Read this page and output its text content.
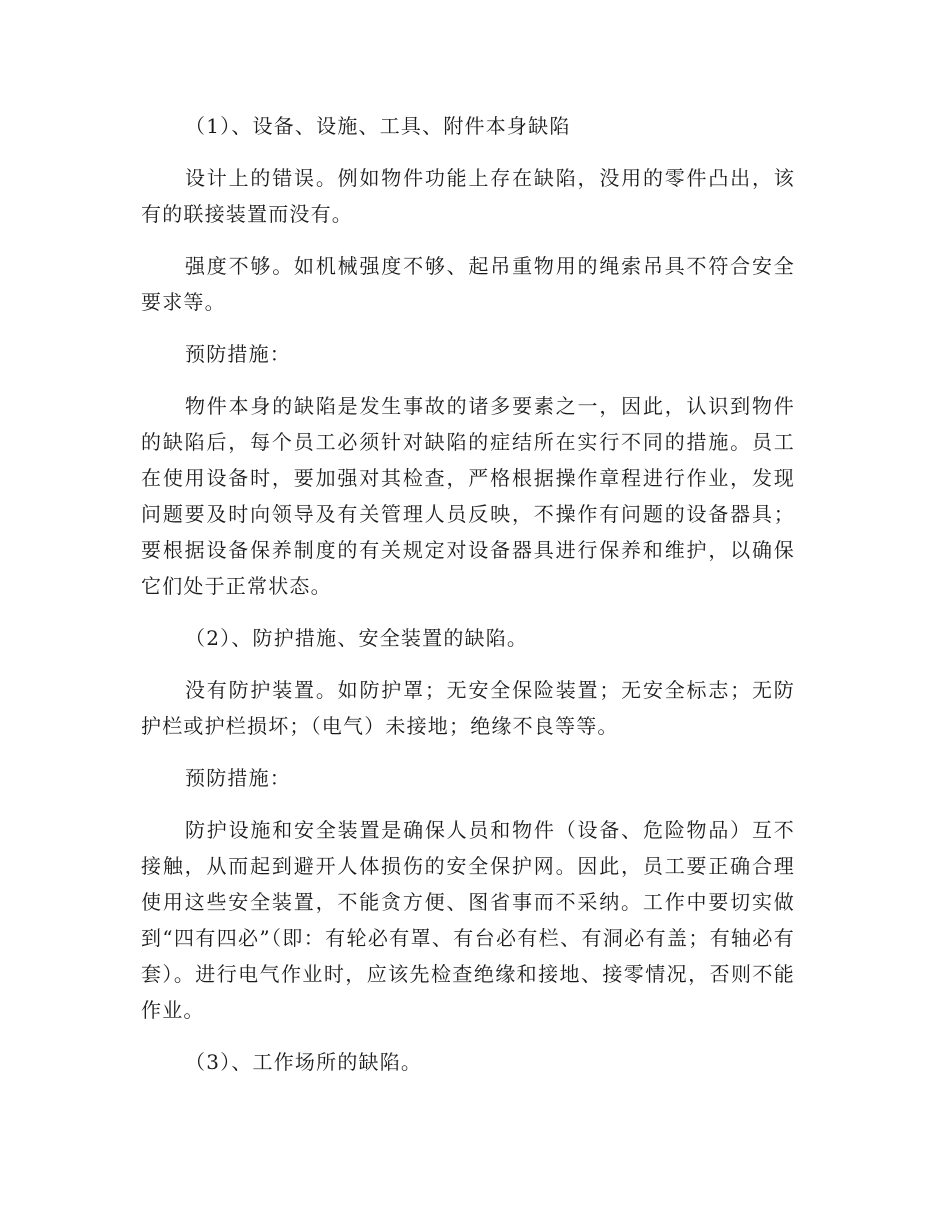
（1）、设备、设施、工具、附件本身缺陷

设计上的错误。例如物件功能上存在缺陷，没用的零件凸出，该有的联接装置而没有。

强度不够。如机械强度不够、起吊重物用的绳索吊具不符合安全要求等。

预防措施：

物件本身的缺陷是发生事故的诸多要素之一，因此，认识到物件的缺陷后，每个员工必须针对缺陷的症结所在实行不同的措施。员工在使用设备时，要加强对其检查，严格根据操作章程进行作业，发现问题要及时向领导及有关管理人员反映，不操作有问题的设备器具；要根据设备保养制度的有关规定对设备器具进行保养和维护，以确保它们处于正常状态。

（2）、防护措施、安全装置的缺陷。

没有防护装置。如防护罩；无安全保险装置；无安全标志；无防护栏或护栏损坏；（电气）未接地；绝缘不良等等。

预防措施：

防护设施和安全装置是确保人员和物件（设备、危险物品）互不接触，从而起到避开人体损伤的安全保护网。因此，员工要正确合理使用这些安全装置，不能贪方便、图省事而不采纳。工作中要切实做到“四有四必”（即：有轮必有罩、有台必有栏、有洞必有盖；有轴必有套）。进行电气作业时，应该先检查绝缘和接地、接零情况，否则不能作业。

（3）、工作场所的缺陷。
